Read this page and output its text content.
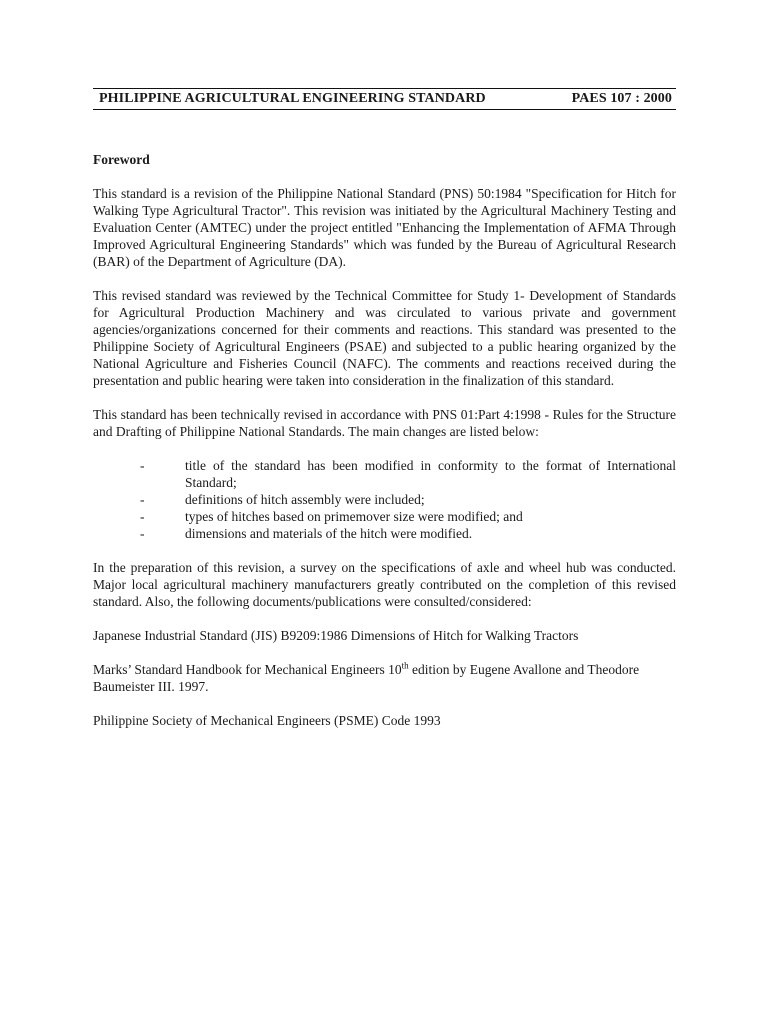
PHILIPPINE AGRICULTURAL ENGINEERING STANDARD	PAES 107 : 2000
Foreword

This standard is a revision of the Philippine National Standard (PNS) 50:1984 "Specification for Hitch for Walking Type Agricultural Tractor". This revision was initiated by the Agricultural Machinery Testing and Evaluation Center (AMTEC) under the project entitled "Enhancing the Implementation of AFMA Through Improved Agricultural Engineering Standards" which was funded by the Bureau of Agricultural Research (BAR) of the Department of Agriculture (DA).

This revised standard was reviewed by the Technical Committee for Study 1- Development of Standards for Agricultural Production Machinery and was circulated to various private and government agencies/organizations concerned for their comments and reactions. This standard was presented to the Philippine Society of Agricultural Engineers (PSAE) and subjected to a public hearing organized by the National Agriculture and Fisheries Council (NAFC). The comments and reactions received during the presentation and public hearing were taken into consideration in the finalization of this standard.

This standard has been technically revised in accordance with PNS 01:Part 4:1998 - Rules for the Structure and Drafting of Philippine National Standards. The main changes are listed below:

-	title of the standard has been modified in conformity to the format of International Standard;
-	definitions of hitch assembly were included;
-	types of hitches based on primemover size were modified; and
-	dimensions and materials of the hitch were modified.

In the preparation of this revision, a survey on the specifications of axle and wheel hub was conducted. Major local agricultural machinery manufacturers greatly contributed on the completion of this revised standard. Also, the following documents/publications were consulted/considered:

Japanese Industrial Standard (JIS) B9209:1986 Dimensions of Hitch for Walking Tractors

Marks’ Standard Handbook for Mechanical Engineers 10th edition by Eugene Avallone and Theodore Baumeister III. 1997.

Philippine Society of Mechanical Engineers (PSME) Code 1993
